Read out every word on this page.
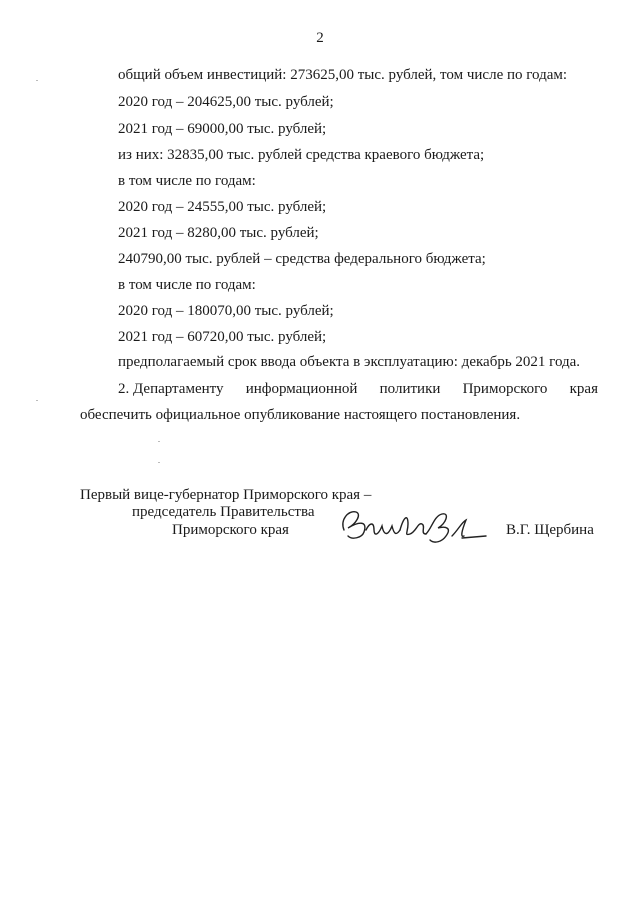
2
общий объем инвестиций: 273625,00 тыс. рублей, том числе по годам:
2020 год – 204625,00 тыс. рублей;
2021 год – 69000,00 тыс. рублей;
из них: 32835,00 тыс. рублей средства краевого бюджета;
в том числе по годам:
2020 год – 24555,00 тыс. рублей;
2021 год – 8280,00 тыс. рублей;
240790,00 тыс. рублей – средства федерального бюджета;
в том числе по годам:
2020 год – 180070,00 тыс. рублей;
2021 год – 60720,00 тыс. рублей;
предполагаемый срок ввода объекта в эксплуатацию: декабрь 2021 года.
2. Департаменту информационной политики Приморского края
обеспечить официальное опубликование настоящего постановления.
Первый вице-губернатор Приморского края –
председатель Правительства
Приморского края	В.Г. Щербина
